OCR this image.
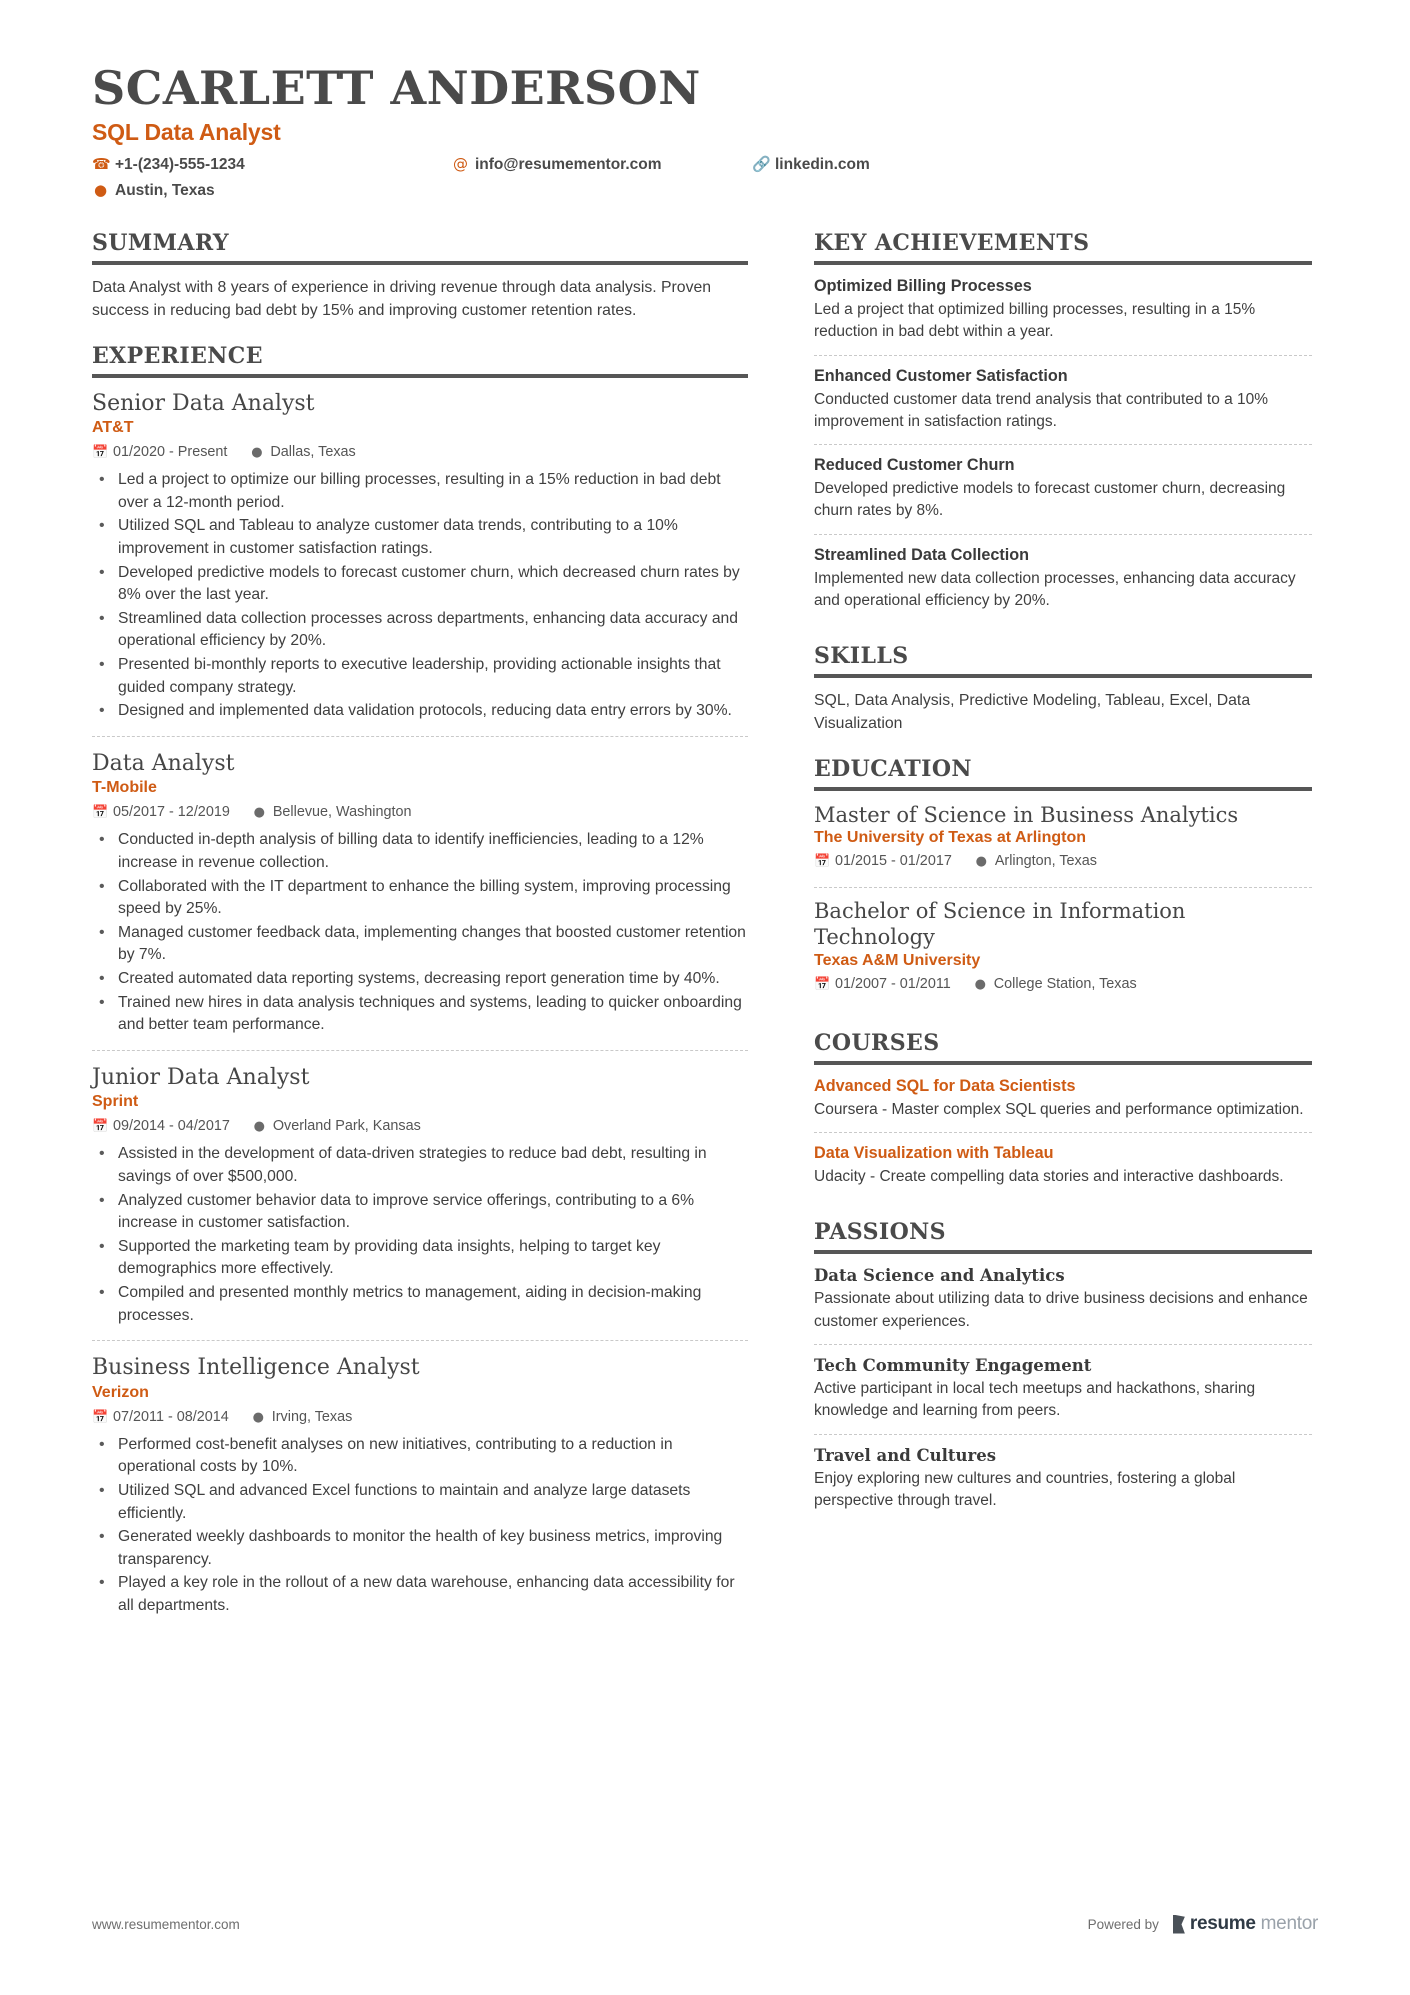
SCARLETT ANDERSON
SQL Data Analyst
☎ +1-(234)-555-1234	@ info@resumementor.com	🔗 linkedin.com
● Austin, Texas
SUMMARY
Data Analyst with 8 years of experience in driving revenue through data analysis. Proven success in reducing bad debt by 15% and improving customer retention rates.
EXPERIENCE
Senior Data Analyst
AT&T
📅 01/2020 - Present ● Dallas, Texas
• Led a project to optimize our billing processes, resulting in a 15% reduction in bad debt over a 12-month period.
• Utilized SQL and Tableau to analyze customer data trends, contributing to a 10% improvement in customer satisfaction ratings.
• Developed predictive models to forecast customer churn, which decreased churn rates by 8% over the last year.
• Streamlined data collection processes across departments, enhancing data accuracy and operational efficiency by 20%.
• Presented bi-monthly reports to executive leadership, providing actionable insights that guided company strategy.
• Designed and implemented data validation protocols, reducing data entry errors by 30%.
Data Analyst
T-Mobile
📅 05/2017 - 12/2019 ● Bellevue, Washington
• Conducted in-depth analysis of billing data to identify inefficiencies, leading to a 12% increase in revenue collection.
• Collaborated with the IT department to enhance the billing system, improving processing speed by 25%.
• Managed customer feedback data, implementing changes that boosted customer retention by 7%.
• Created automated data reporting systems, decreasing report generation time by 40%.
• Trained new hires in data analysis techniques and systems, leading to quicker onboarding and better team performance.
Junior Data Analyst
Sprint
📅 09/2014 - 04/2017 ● Overland Park, Kansas
• Assisted in the development of data-driven strategies to reduce bad debt, resulting in savings of over $500,000.
• Analyzed customer behavior data to improve service offerings, contributing to a 6% increase in customer satisfaction.
• Supported the marketing team by providing data insights, helping to target key demographics more effectively.
• Compiled and presented monthly metrics to management, aiding in decision-making processes.
Business Intelligence Analyst
Verizon
📅 07/2011 - 08/2014 ● Irving, Texas
• Performed cost-benefit analyses on new initiatives, contributing to a reduction in operational costs by 10%.
• Utilized SQL and advanced Excel functions to maintain and analyze large datasets efficiently.
• Generated weekly dashboards to monitor the health of key business metrics, improving transparency.
• Played a key role in the rollout of a new data warehouse, enhancing data accessibility for all departments.
KEY ACHIEVEMENTS
Optimized Billing Processes
Led a project that optimized billing processes, resulting in a 15% reduction in bad debt within a year.
Enhanced Customer Satisfaction
Conducted customer data trend analysis that contributed to a 10% improvement in satisfaction ratings.
Reduced Customer Churn
Developed predictive models to forecast customer churn, decreasing churn rates by 8%.
Streamlined Data Collection
Implemented new data collection processes, enhancing data accuracy and operational efficiency by 20%.
SKILLS
SQL, Data Analysis, Predictive Modeling, Tableau, Excel, Data Visualization
EDUCATION
Master of Science in Business Analytics
The University of Texas at Arlington
📅 01/2015 - 01/2017 ● Arlington, Texas
Bachelor of Science in Information Technology
Texas A&M University
📅 01/2007 - 01/2011 ● College Station, Texas
COURSES
Advanced SQL for Data Scientists
Coursera - Master complex SQL queries and performance optimization.
Data Visualization with Tableau
Udacity - Create compelling data stories and interactive dashboards.
PASSIONS
Data Science and Analytics
Passionate about utilizing data to drive business decisions and enhance customer experiences.
Tech Community Engagement
Active participant in local tech meetups and hackathons, sharing knowledge and learning from peers.
Travel and Cultures
Enjoy exploring new cultures and countries, fostering a global perspective through travel.
www.resumementor.com	Powered by resume mentor
